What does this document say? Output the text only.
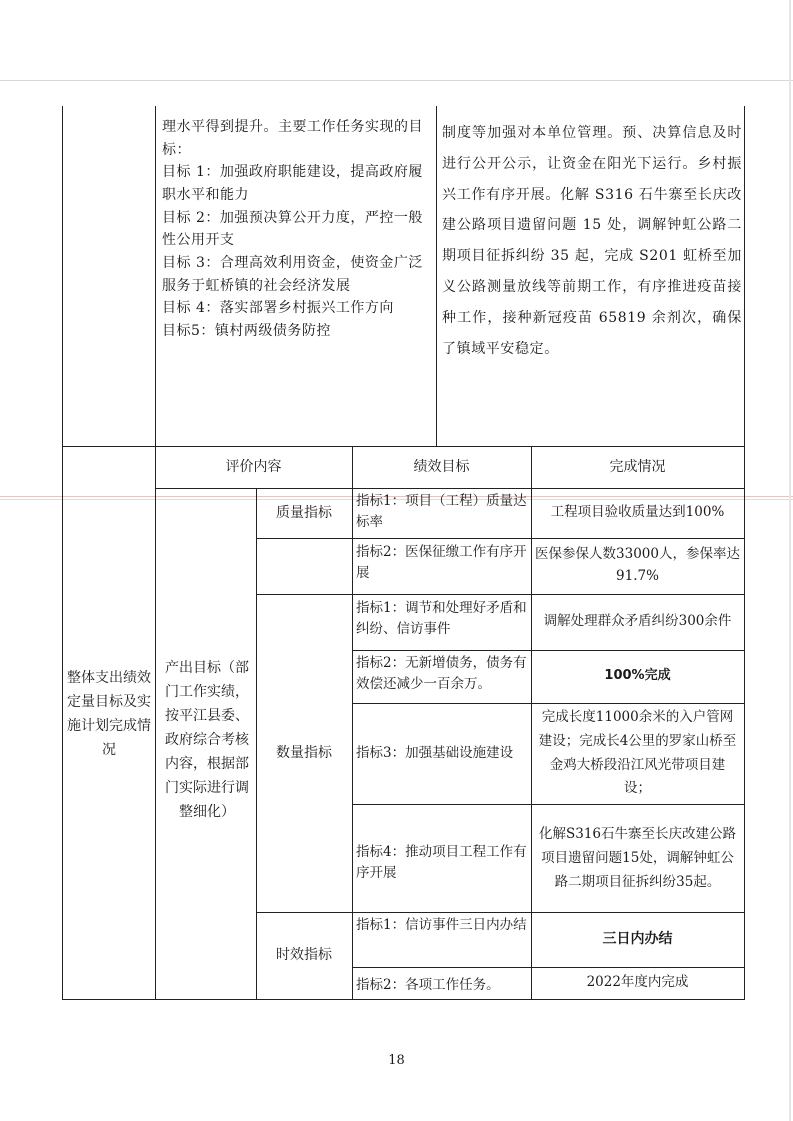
理水平得到提升。主要工作任务实现的目
标：
目标 1：加强政府职能建设，提高政府履
职水平和能力
目标 2：加强预决算公开力度，严控一般
性公用开支
目标 3：合理高效利用资金，使资金广泛
服务于虹桥镇的社会经济发展
目标 4：落实部署乡村振兴工作方向
目标5：镇村两级债务防控
制度等加强对本单位管理。预、决算信息及时进行公开公示，让资金在阳光下运行。乡村振兴工作有序开展。化解 S316 石牛寨至长庆改建公路项目遗留问题 15 处，调解钟虹公路二期项目征拆纠纷 35 起，完成 S201 虹桥至加义公路测量放线等前期工作，有序推进疫苗接种工作，接种新冠疫苗 65819 余剂次，确保了镇域平安稳定。
整体支出绩效定量目标及实施计划完成情况
评价内容	绩效目标	完成情况
产出目标（部门工作实绩，按平江县委、政府综合考核内容，根据部门实际进行调整细化）
质量指标
数量指标
时效指标
指标1：项目（工程）质量达标率
指标2：医保征缴工作有序开展
指标1：调节和处理好矛盾和纠纷、信访事件
指标2：无新增债务，债务有效偿还减少一百余万。
指标3：加强基础设施建设
指标4：推动项目工程工作有序开展
指标1：信访事件三日内办结
指标2：各项工作任务。
工程项目验收质量达到100%
医保参保人数33000人，参保率达91.7%
调解处理群众矛盾纠纷300余件
100%完成
完成长度11000余米的入户管网建设；完成长4公里的罗家山桥至金鸡大桥段沿江风光带项目建设；
化解S316石牛寨至长庆改建公路项目遗留问题15处，调解钟虹公路二期项目征拆纠纷35起。
三日内办结
2022年度内完成
18
